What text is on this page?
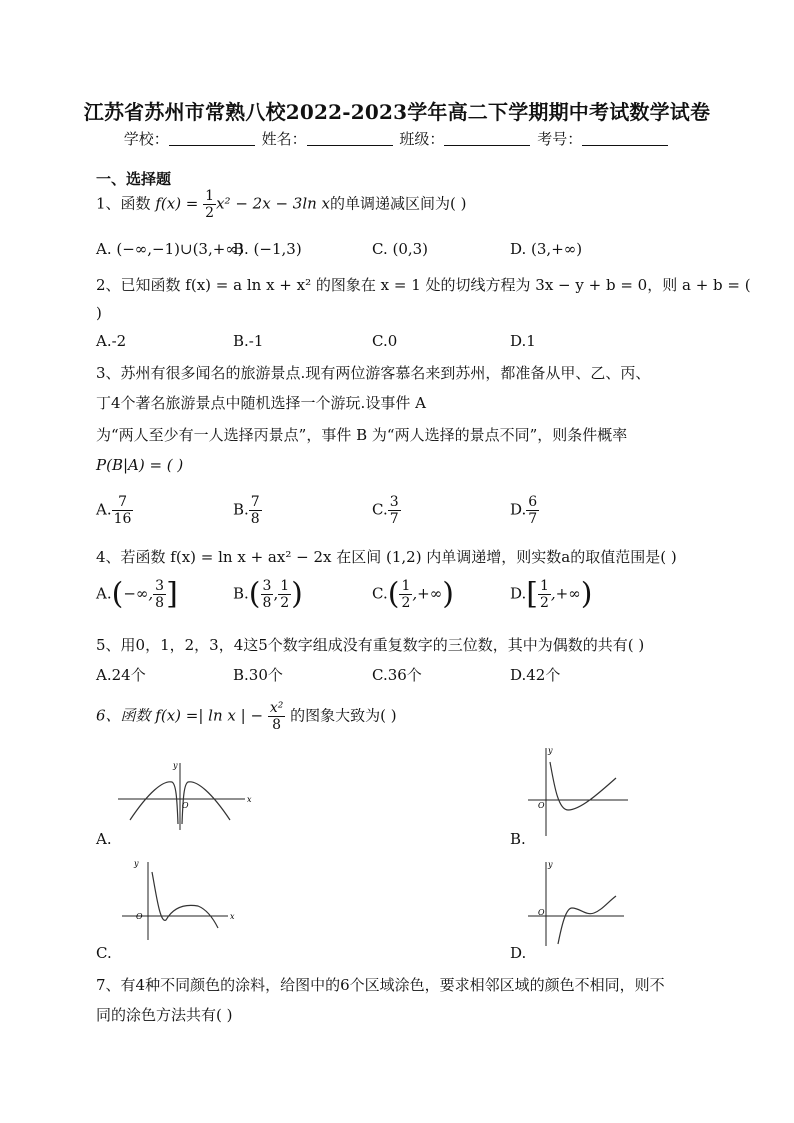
江苏省苏州市常熟八校2022-2023学年高二下学期期中考试数学试卷
学校：	姓名：	班级：	考号：
一、选择题
1、函数 $f(x) = \frac{1}{2} x^2 - 2x - 3\ln$ x的单调递减区间为( )
A. (−∞,−1)∪(3,+∞)
B. (−1,3)	C. (0,3)	D. (3,+∞)
2、已知函数 f(x) = a ln x + x² 的图象在 x = 1 处的切线方程为 3x − y + b = 0，则 a + b = (
)
A.-2	B.-1	C.0	D.1
3、苏州有很多闻名的旅游景点.现有两位游客慕名来到苏州，都准备从甲、乙、丙、
丁4个著名旅游景点中随机选择一个游玩.设事件 A
为“两人至少有一人选择丙景点”，事件 B 为“两人选择的景点不同”，则条件概率
P(B|A) = ( )
A. $\frac{7}{16}$	B. $\frac{7}{8}$	C. $\frac{3}{7}$	D. $\frac{6}{7}$
4、若函数 f(x) = ln x + ax² − 2x 在区间 (1,2) 内单调递增，则实数a的取值范围是( )
A.(−∞, $\frac{3}{8}$ ]	$B.( \frac{3}{8}$ , $\frac{1}{2}$ )	$C.( \frac{1}{2}$ ,+∞)	$D.[ \frac{1}{2}$ ,+∞)
5、用0，1，2，3，4这5个数字组成没有重复数字的三位数，其中为偶数的共有( )
A.24个	B.30个	C.36个	D.42个
6、函数 f(x) =| ln x | − $\frac{\text{x²}}{8}$ 的图象大致为( )
x
y
O
A.
y
O
B.
x
y
O
C.
y
O
D.
7、有4种不同颜色的涂料，给图中的6个区域涂色，要求相邻区域的颜色不相同，则不
同的涂色方法共有( )
